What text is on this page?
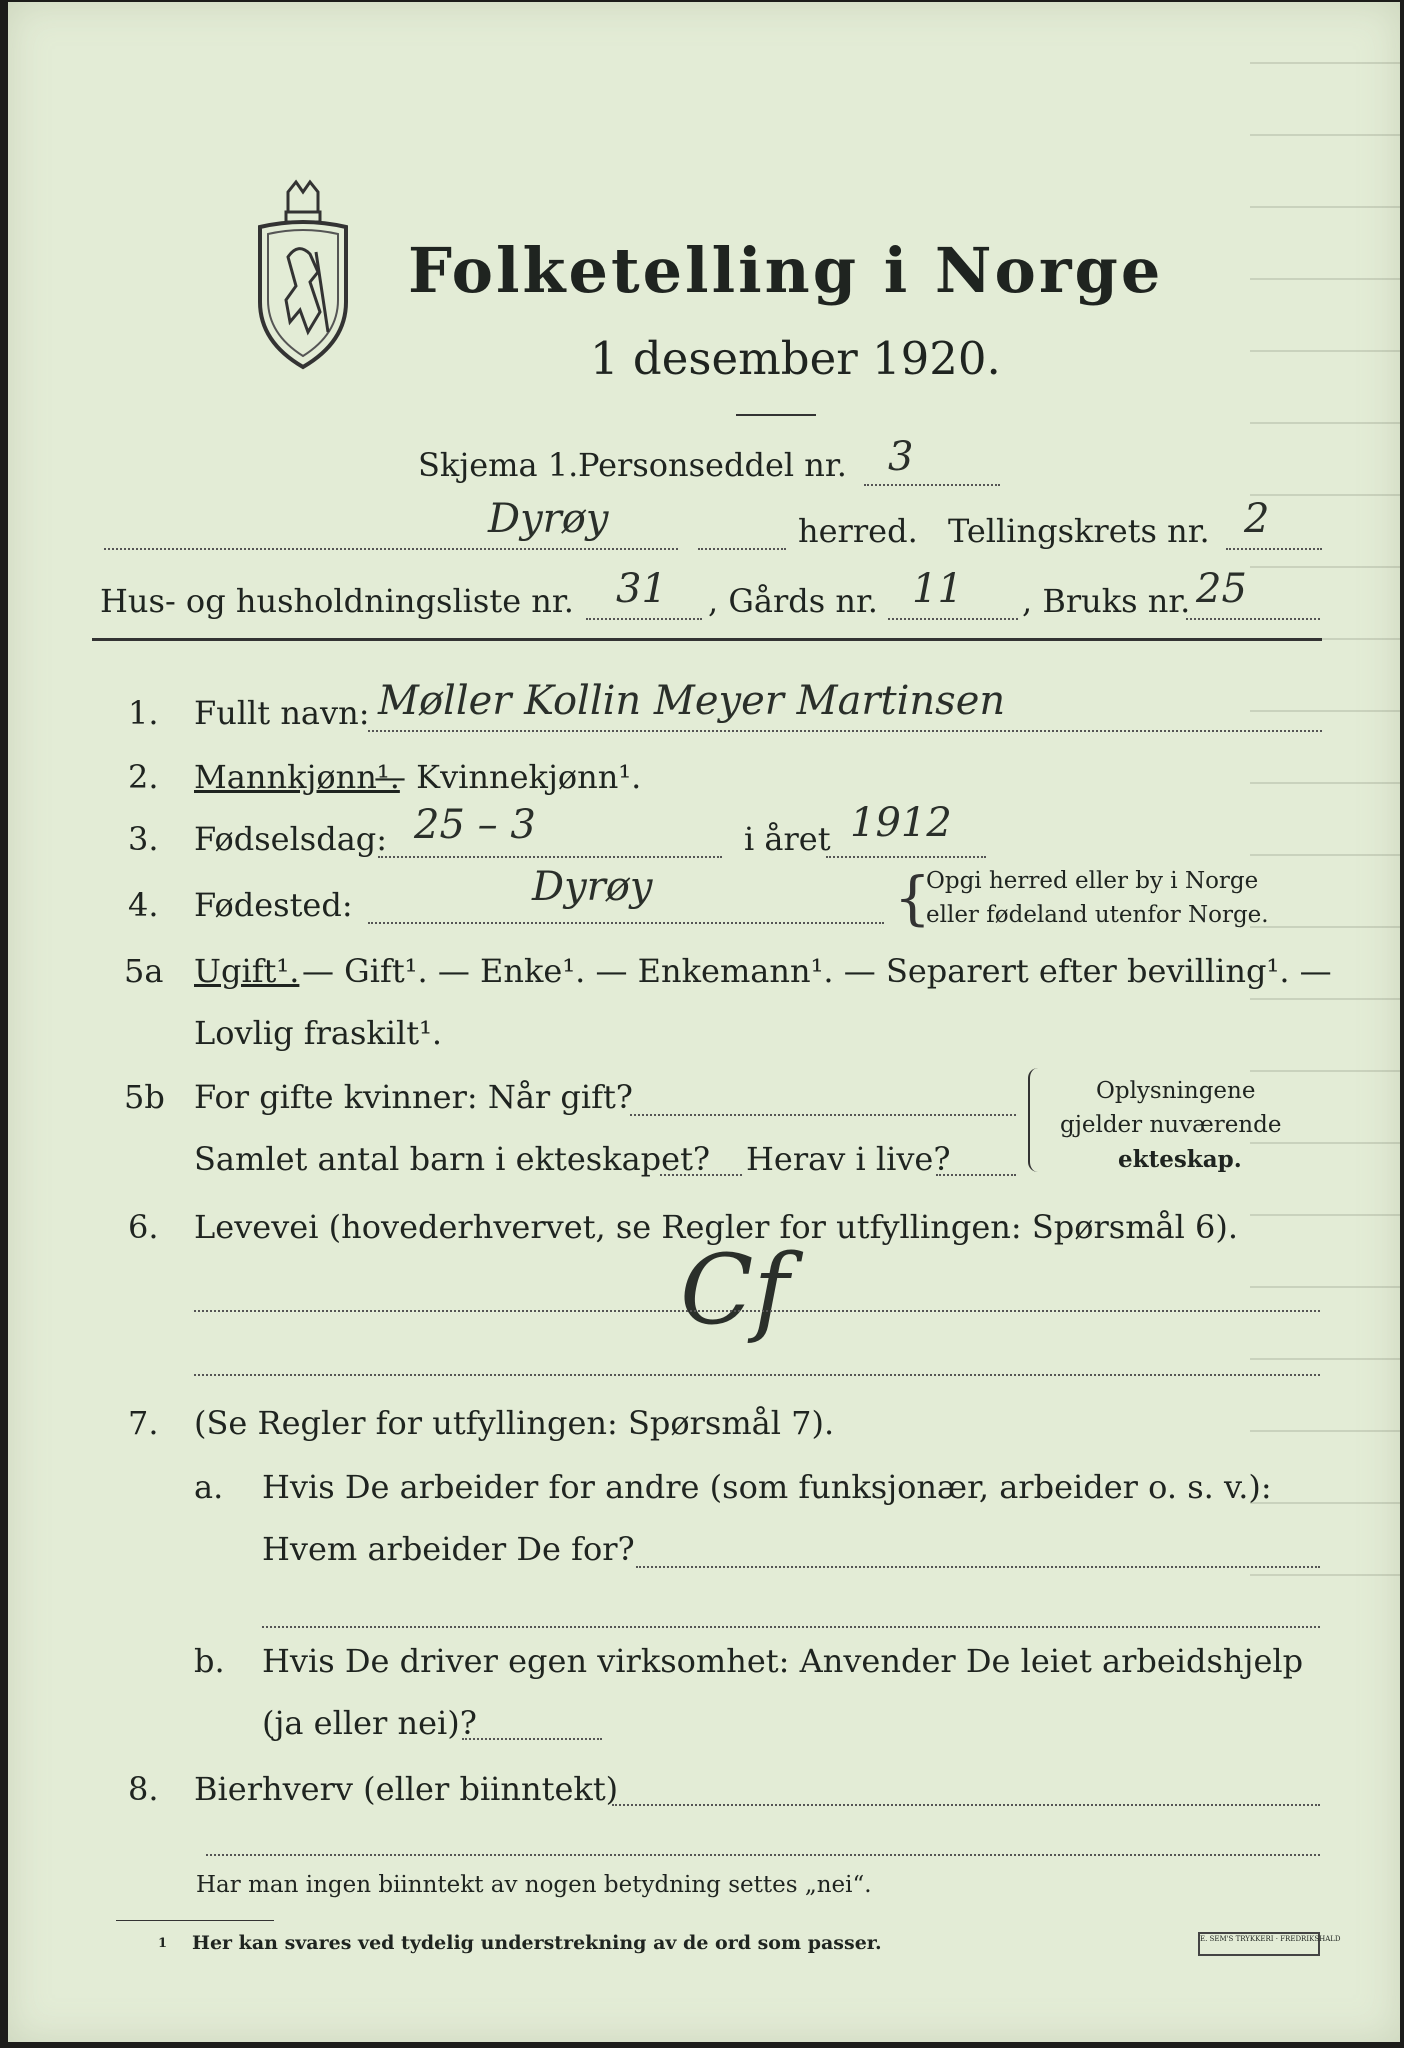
Folketelling i Norge
1 desember 1920.
Skjema 1. Personseddel nr. 3
Dyrøy	herred. Tellingskrets nr. 2
Hus- og husholdningsliste nr. 31 , Gårds nr. 11 , Bruks nr. 25
1. Fullt navn: Møller Kollin Meyer Martinsen
2. Mannkjønn¹.
— Kvinnekjønn¹.
3. Fødselsdag: 25 – 3	i året 1912
4. Fødested:	Dyrøy	{
Opgi herred eller by i Norge
eller fødeland utenfor Norge.
5a Ugift¹. — Gift¹. — Enke¹. — Enkemann¹. — Separert efter bevilling¹. —
Lovlig fraskilt¹.
5b For gifte kvinner: Når gift?
Samlet antal barn i ekteskapet? Herav i live?
Oplysningene
gjelder nuværende
ekteskap.
6. Levevei (hovederhvervet, se Regler for utfyllingen: Spørsmål 6).
Cf
7. (Se Regler for utfyllingen: Spørsmål 7).
a. Hvis De arbeider for andre (som funksjonær, arbeider o. s. v.):
Hvem arbeider De for?
b. Hvis De driver egen virksomhet: Anvender De leiet arbeidshjelp
(ja eller nei)?
8. Bierhverv (eller biinntekt)
Har man ingen biinntekt av nogen betydning settes „nei“.
1 Her kan svares ved tydelig understrekning av de ord som passer.	E. SEM'S TRYKKERI · FREDRIKSHALD
